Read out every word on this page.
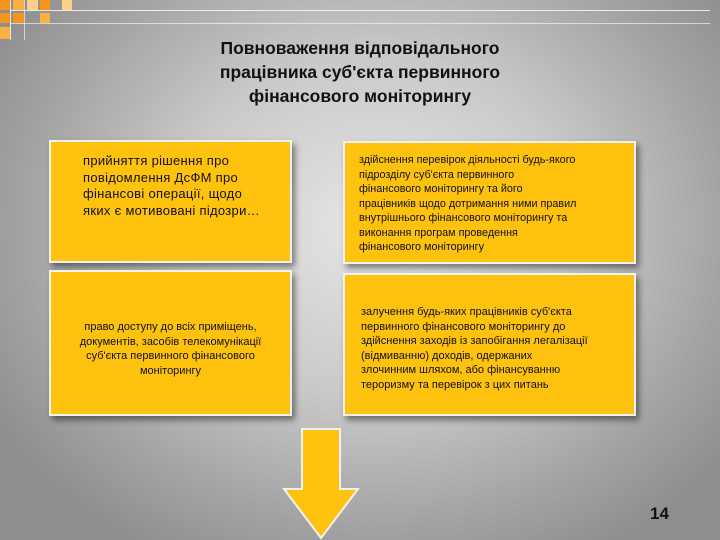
Повноваження відповідального
працівника суб'єкта первинного
фінансового моніторингу
прийняття рішення про
повідомлення ДсФМ про
фінансові операції, щодо
яких є мотивовані підозри…
здійснення перевірок діяльності будь-якого
підрозділу суб'єкта первинного
фінансового моніторингу та його
працівників щодо дотримання ними правил
внутрішнього фінансового моніторингу та
виконання програм проведення
фінансового моніторингу
право доступу до всіх приміщень,
документів, засобів телекомунікації
суб'єкта первинного фінансового
моніторингу
залучення будь-яких працівників суб'єкта
первинного фінансового моніторингу до
здійснення заходів із запобігання легалізації
(відмиванню) доходів, одержаних
злочинним шляхом, або фінансуванню
тероризму та перевірок з цих питань
14
